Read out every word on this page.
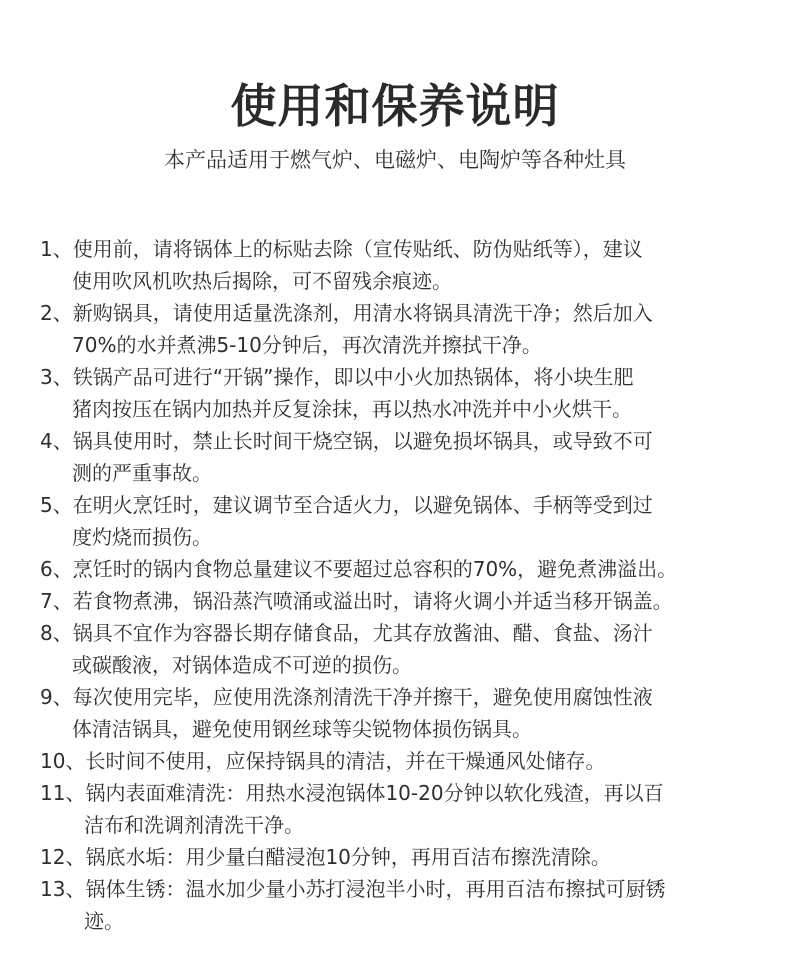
使用和保养说明
本产品适用于燃气炉、电磁炉、电陶炉等各种灶具
1、使用前，请将锅体上的标贴去除（宣传贴纸、防伪贴纸等），建议
使用吹风机吹热后揭除，可不留残余痕迹。
2、新购锅具，请使用适量洗涤剂，用清水将锅具清洗干净；然后加入
70%的水并煮沸5-10分钟后，再次清洗并擦拭干净。
3、铁锅产品可进行“开锅”操作，即以中小火加热锅体，将小块生肥
猪肉按压在锅内加热并反复涂抹，再以热水冲洗并中小火烘干。
4、锅具使用时，禁止长时间干烧空锅，以避免损坏锅具，或导致不可
测的严重事故。
5、在明火烹饪时，建议调节至合适火力，以避免锅体、手柄等受到过
度灼烧而损伤。
6、烹饪时的锅内食物总量建议不要超过总容积的70%，避免煮沸溢出。
7、若食物煮沸，锅沿蒸汽喷涌或溢出时，请将火调小并适当移开锅盖。
8、锅具不宜作为容器长期存储食品，尤其存放酱油、醋、食盐、汤汁
或碳酸液，对锅体造成不可逆的损伤。
9、每次使用完毕，应使用洗涤剂清洗干净并擦干，避免使用腐蚀性液
体清洁锅具，避免使用钢丝球等尖锐物体损伤锅具。
10、长时间不使用，应保持锅具的清洁，并在干燥通风处储存。
11、锅内表面难清洗：用热水浸泡锅体10-20分钟以软化残渣，再以百
洁布和洗调剂清洗干净。
12、锅底水垢：用少量白醋浸泡10分钟，再用百洁布擦洗清除。
13、锅体生锈：温水加少量小苏打浸泡半小时，再用百洁布擦拭可厨锈
迹。
